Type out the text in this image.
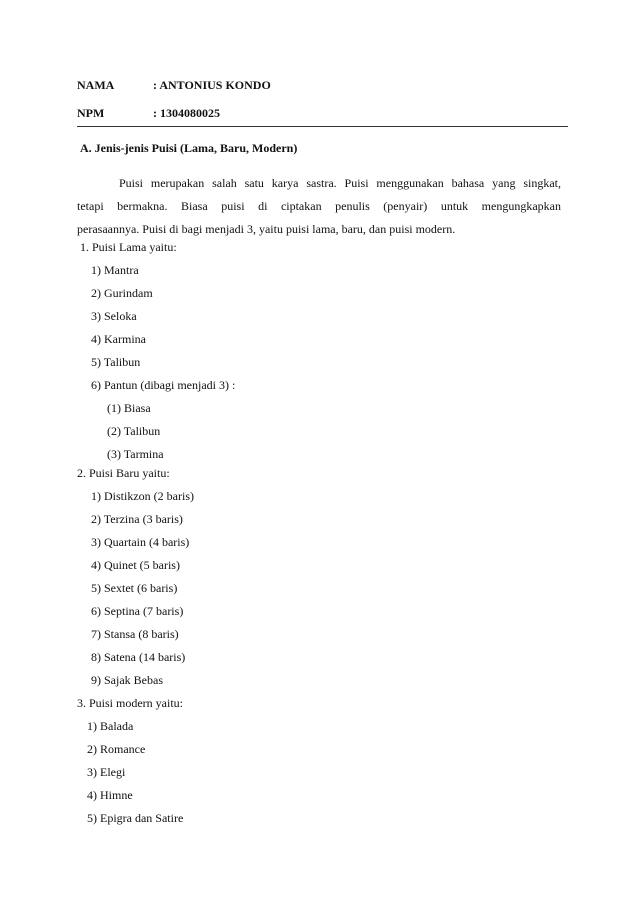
NAMA	: ANTONIUS KONDO
NPM	: 1304080025
A. Jenis-jenis Puisi (Lama, Baru, Modern)
Puisi merupakan salah satu karya sastra. Puisi menggunakan bahasa yang singkat,
tetapi bermakna. Biasa puisi di ciptakan penulis (penyair) untuk mengungkapkan
perasaannya. Puisi di bagi menjadi 3, yaitu puisi lama, baru, dan puisi modern.
1. Puisi Lama yaitu:
1) Mantra
2) Gurindam
3) Seloka
4) Karmina
5) Talibun
6) Pantun (dibagi menjadi 3) :
(1) Biasa
(2) Talibun
(3) Tarmina
2. Puisi Baru yaitu:
1) Distikzon (2 baris)
2) Terzina (3 baris)
3) Quartain (4 baris)
4) Quinet (5 baris)
5) Sextet (6 baris)
6) Septina (7 baris)
7) Stansa (8 baris)
8) Satena (14 baris)
9) Sajak Bebas
3. Puisi modern yaitu:
1) Balada
2) Romance
3) Elegi
4) Himne
5) Epigra dan Satire
